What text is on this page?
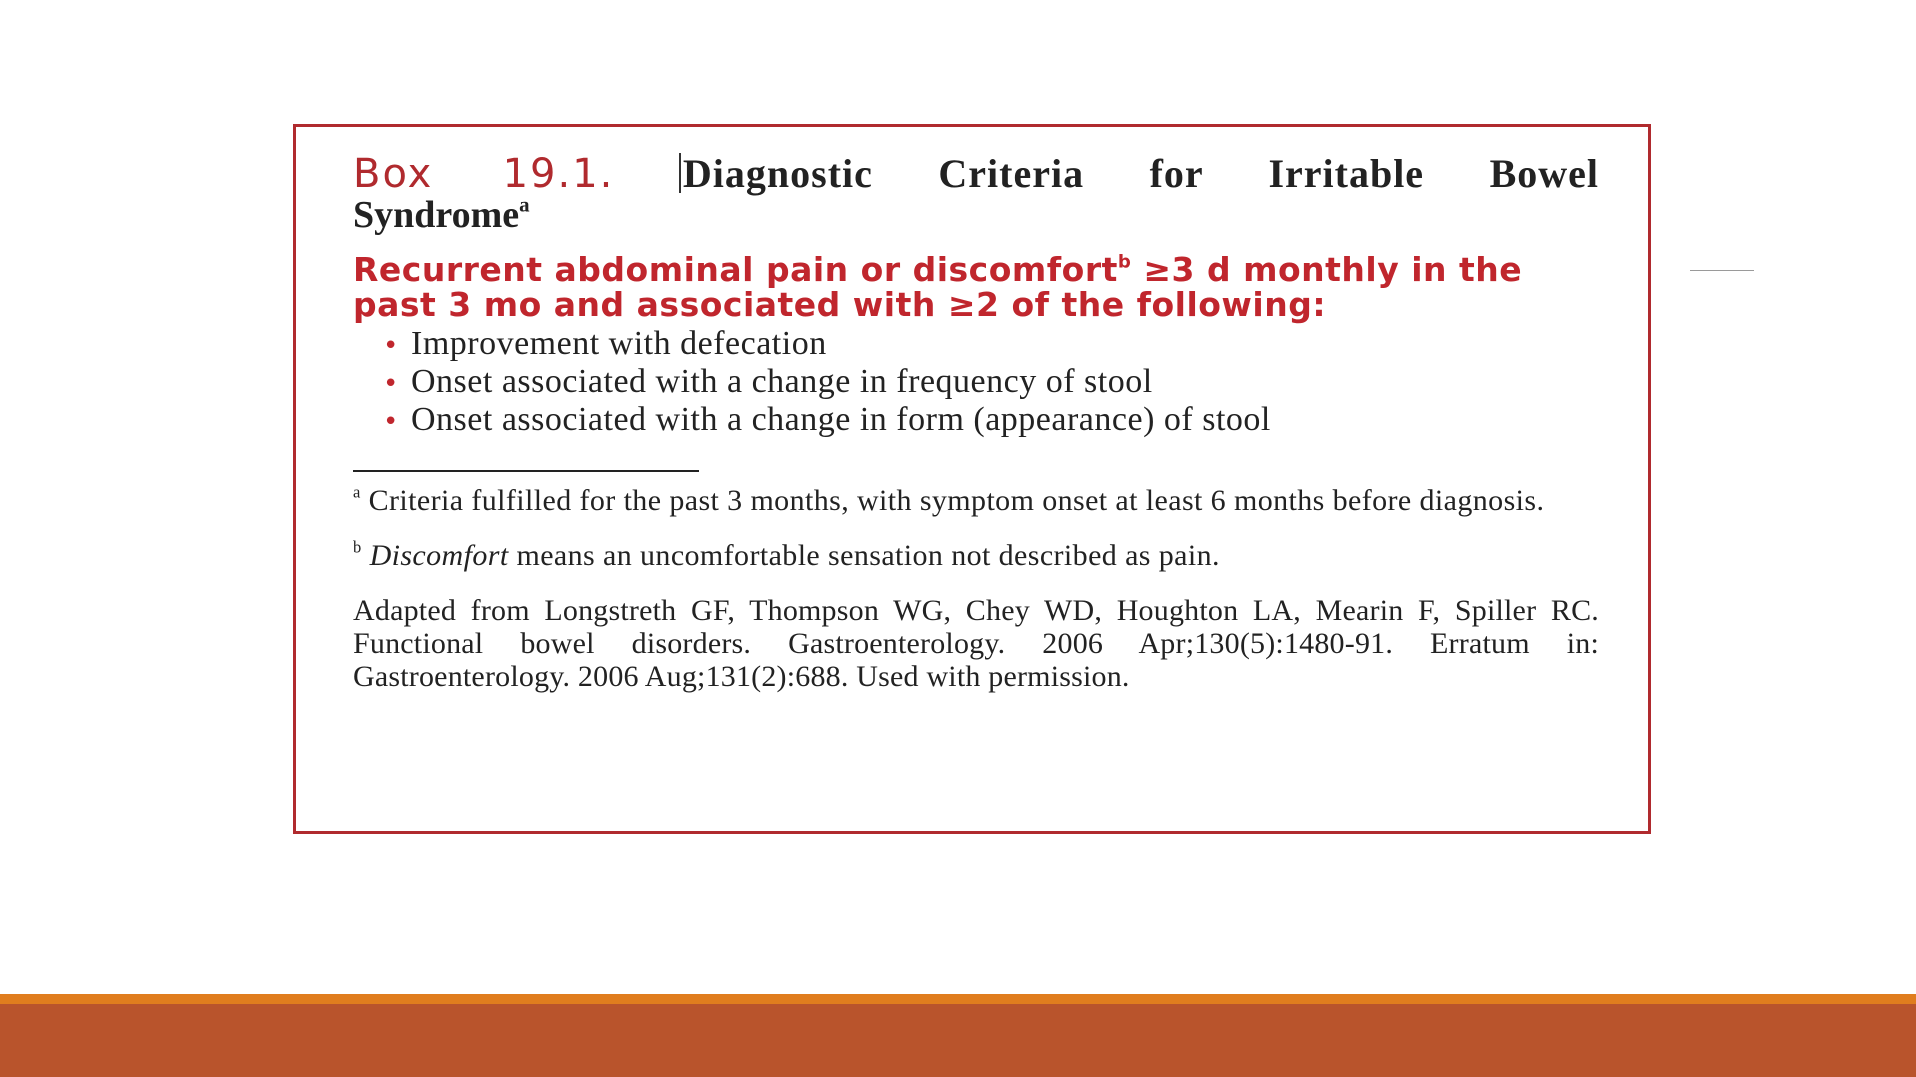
Box 19.1. Diagnostic Criteria for Irritable Bowel

Syndrome$^a$

Recurrent abdominal pain or discomfort$^b$ ≥3 d monthly in the past 3 mo and associated with ≥2 of the following:

• Improvement with defecation
• Onset associated with a change in frequency of stool
• Onset associated with a change in form (appearance) of stool

$^a$ Criteria fulfilled for the past 3 months, with symptom onset at least 6 months before diagnosis.

$^b$ Discomfort means an uncomfortable sensation not described as pain.

Adapted from Longstreth GF, Thompson WG, Chey WD, Houghton LA, Mearin F, Spiller RC. Functional bowel disorders. Gastroenterology. 2006 Apr;130(5):1480-91. Erratum in: Gastroenterology. 2006 Aug;131(2):688. Used with permission.
